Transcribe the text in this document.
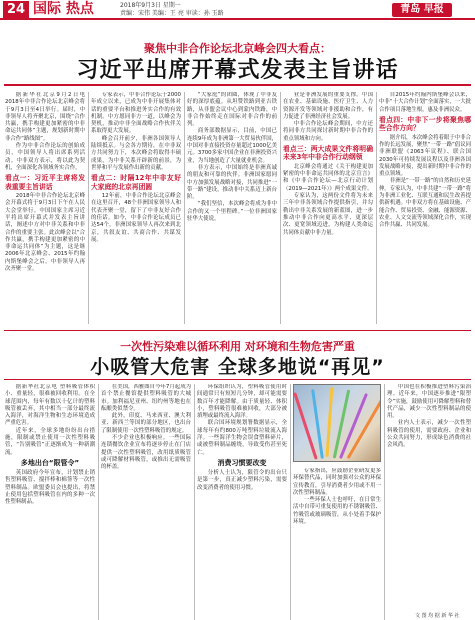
24 国际 热点	2018年9月3日 星期一
责编：宋伟 美编：王 亮 审读：孙 玉路	青岛 早报
聚焦中非合作论坛北京峰会四大看点：
习近平出席开幕式发表主旨讲话

据新华社北京9月2日电 2018年中非合作论坛北京峰会将于9月3日至4日举行。届时，中非领导人将齐聚北京，围绕“合作共赢，携手构建更加紧密的中非命运共同体”主题，规划新时期中非合作“路线图”。

作为中非合作论坛的创始成员，中国领导人将出席系列活动。中非双方表示，将以此为契机，全面深化各领域务实合作。

看点一：习近平主席将发表重要主旨讲话

2018年中非合作论坛北京峰会开幕式将于9月3日下午在人民大会堂举行。中国国家主席习近平将出席开幕式并发表主旨讲话，阐述中方对中非关系和中非合作的重要主张。此次峰会以“合作共赢，携手构建更加紧密的中非命运共同体”为主题，这是继2006年北京峰会、2015年约翰内斯堡峰会之后，中非领导人再次齐聚一堂。

专家表示，中非合作论坛于2000年成立以来，已成为中非开展集体对话的重要平台和推进务实合作的有效机制。中方愿同非方一道，以峰会为契机，推动中非全面战略合作伙伴关系取得更大发展。

峰会召开前夕，非洲各国领导人陆续抵京。与会各方期待，在中非双方共同努力下，本次峰会将取得丰硕成果，为中非关系开辟新的前景，为世界和平与发展作出新的贡献。

看点二：时隔12年中非友好大家庭的北京再团圆

12年前，中非合作论坛北京峰会在这里召开，48个非洲国家领导人和代表齐聚一堂，留下了中非友好合作的佳话。如今，中非合作论坛成员已达54个，非洲国家领导人再次来到北京，共叙友谊、共商合作、共谋发展。

“大家庭”的团圆，体现了中非友好的深厚底蕴。从坦赞铁路到亚吉铁路，从非盟会议中心到蒙内铁路，中非合作始终走在国际对非合作的前列。

商务部数据显示，目前，中国已连续9年成为非洲第一大贸易伙伴国，中国对非直接投资存量超过1000亿美元。3700多家中国企业在非洲投资兴业，为当地创造了大量就业机会。

非方表示，中国始终是非洲真诚的朋友和可靠的伙伴。非洲国家愿同中方加强发展战略对接，共同推进“一带一路”建设，推动非中关系迈上新台阶。

“我们坚信，本次峰会将成为非中合作的又一个里程碑。”一位非洲国家驻华大使说。

业是非洲发展的重要支撑。中国在农业、基础设施、医疗卫生、人力资源开发等领域对非援助和合作，有力促进了非洲经济社会发展。

中非合作论坛峰会期间，中方还将同非方共同探讨新时期中非合作的重点领域和方向。

看点三：两大成果文件将明确未来3年中非合作行动纲领

北京峰会将通过《关于构建更加紧密的中非命运共同体的北京宣言》和《中非合作论坛—北京行动计划（2019—2021年）》两个成果文件。

专家认为，这两份文件将为未来三年中非各领域合作提供指引，并勾勒出中非关系发展的新蓝图，进一步推动中非合作向更高水平、更深层次、更宽领域迈进，为构建人类命运共同体贡献中非力量。

自2015年约翰内斯堡峰会以来，中非“十大合作计划”全面落实，一大批合作项目落地生根，惠及非洲民众。

看点四：中非下一步将聚焦哪些合作方向？

据介绍，本次峰会将着眼于中非合作的长远发展，聚焦“一带一路”倡议同非洲联盟《2063年议程》、联合国2030年可持续发展议程以及非洲各国发展战略对接，提出新时期中非合作的重点领域。

非洲是“一带一路”的自然和历史延伸。专家认为，中非共建“一带一路”将为非洲工业化、互联互通和民生改善提供新机遇。中非双方将在基础设施、产能合作、贸易投资、金融、能源资源、农业、人文交流等领域深化合作，实现合作共赢、共同发展。

一次性污染难以循环利用 对环境和生物危害严重
小吸管大危害 全球多地说“再见”

据新华社北京电 塑料吸管体积小、重量轻，很难被回收利用。在全球范围内，每年有数以十亿计的塑料吸管被丢弃，其中相当一部分最终流入海洋，对海洋生物和生态环境造成严重危害。

近年来，全球多地纷纷出台措施，限制或禁止使用一次性塑料吸管，“告别吸管”正逐渐成为一种新潮流。

多地出台“限管令”

英国政府今年宣布，计划禁止销售塑料吸管、搅拌棒和棉签等一次性塑料制品。欧盟委员会也提出，将禁止使用包括塑料吸管在内的多种一次性塑料制品。

在美国，西雅图自今年7月起成为首个禁止餐馆提供塑料吸管的大城市。加利福尼亚州、纽约州等地也在酝酿类似禁令。

此外，印度、马来西亚、澳大利亚、新西兰等国的部分地区，也出台了限制使用一次性塑料吸管的规定。

不少企业也积极响应。一些国际连锁餐饮企业宣布将逐步停止在门店提供一次性塑料吸管，改用纸质吸管或可降解材料吸管，或推出无需吸管的杯盖。

环保组织认为，塑料吸管使用时间通常只有短短几分钟，却可能需要数百年才能降解。由于质量轻、体积小，塑料吸管很难被回收，大部分被填埋或最终流入海洋。

联合国环境规划署数据显示，全球每年有约800万吨塑料垃圾流入海洋。一些海洋生物会误食塑料碎片，或被塑料制品缠绕，导致受伤甚至死亡。

消费习惯要改变

分析人士认为，限管令的出台只是第一步，真正减少塑料污染，需要改变消费者的使用习惯。

专家指出，应鼓励企业研发更多环保替代品，同时加强对公众的环保宣传教育，引导消费者少用或不用一次性塑料制品。

一些环保人士也呼吁，在日常生活中自带可重复使用的不锈钢吸管、竹吸管或玻璃吸管，从小处着手保护环境。

中国也在积极推进塑料污染治理。近年来，中国逐步推进“限塑令”实施，鼓励使用可降解塑料和替代产品，减少一次性塑料制品的使用。

业内人士表示，减少一次性塑料吸管的使用，需要政府、企业和公众共同努力，形成绿色消费的社会风尚。

文 图 均 据 新 华 社
